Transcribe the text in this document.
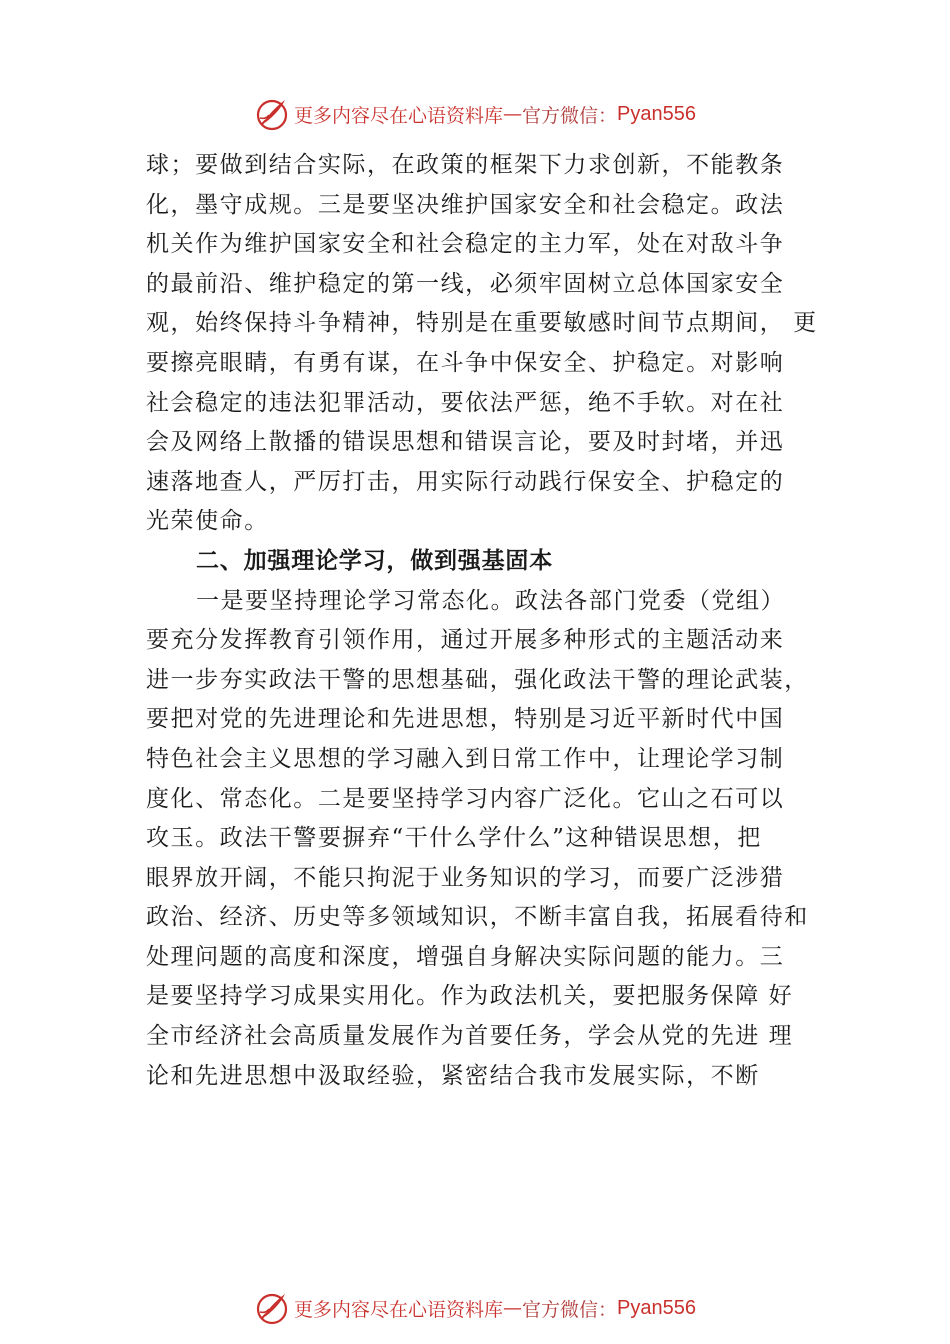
更多内容尽在心语资料库 — 官方微信： Pyan556
球；要做到结合实际，在政策的框架下力求创新，不能教条
化，墨守成规。三是要坚决维护国家安全和社会稳定。政法
机关作为维护国家安全和社会稳定的主力军，处在对敌斗争
的最前沿、维护稳定的第一线，必须牢固树立总体国家安全
观，始终保持斗争精神，特别是在重要敏感时间节点期间， 更
要擦亮眼睛，有勇有谋，在斗争中保安全、护稳定。对影响
社会稳定的违法犯罪活动，要依法严惩，绝不手软。对在社
会及网络上散播的错误思想和错误言论，要及时封堵，并迅
速落地查人，严厉打击，用实际行动践行保安全、护稳定的
光荣使命。
二、加强理论学习，做到强基固本
一是要坚持理论学习常态化。政法各部门党委（党组）
要充分发挥教育引领作用，通过开展多种形式的主题活动来
进一步夯实政法干警的思想基础，强化政法干警的理论武装，
要把对党的先进理论和先进思想，特别是习近平新时代中国
特色社会主义思想的学习融入到日常工作中，让理论学习制
度化、常态化。二是要坚持学习内容广泛化。它山之石可以
攻玉。政法干警要摒弃“干什么学什么”这种错误思想，把
眼界放开阔，不能只拘泥于业务知识的学习，而要广泛涉猎
政治、经济、历史等多领域知识，不断丰富自我，拓展看待和
处理问题的高度和深度，增强自身解决实际问题的能力。三
是要坚持学习成果实用化。作为政法机关，要把服务保障 好
全市经济社会高质量发展作为首要任务，学会从党的先进 理
论和先进思想中汲取经验，紧密结合我市发展实际，不断
更多内容尽在心语资料库 — 官方微信： Pyan556
